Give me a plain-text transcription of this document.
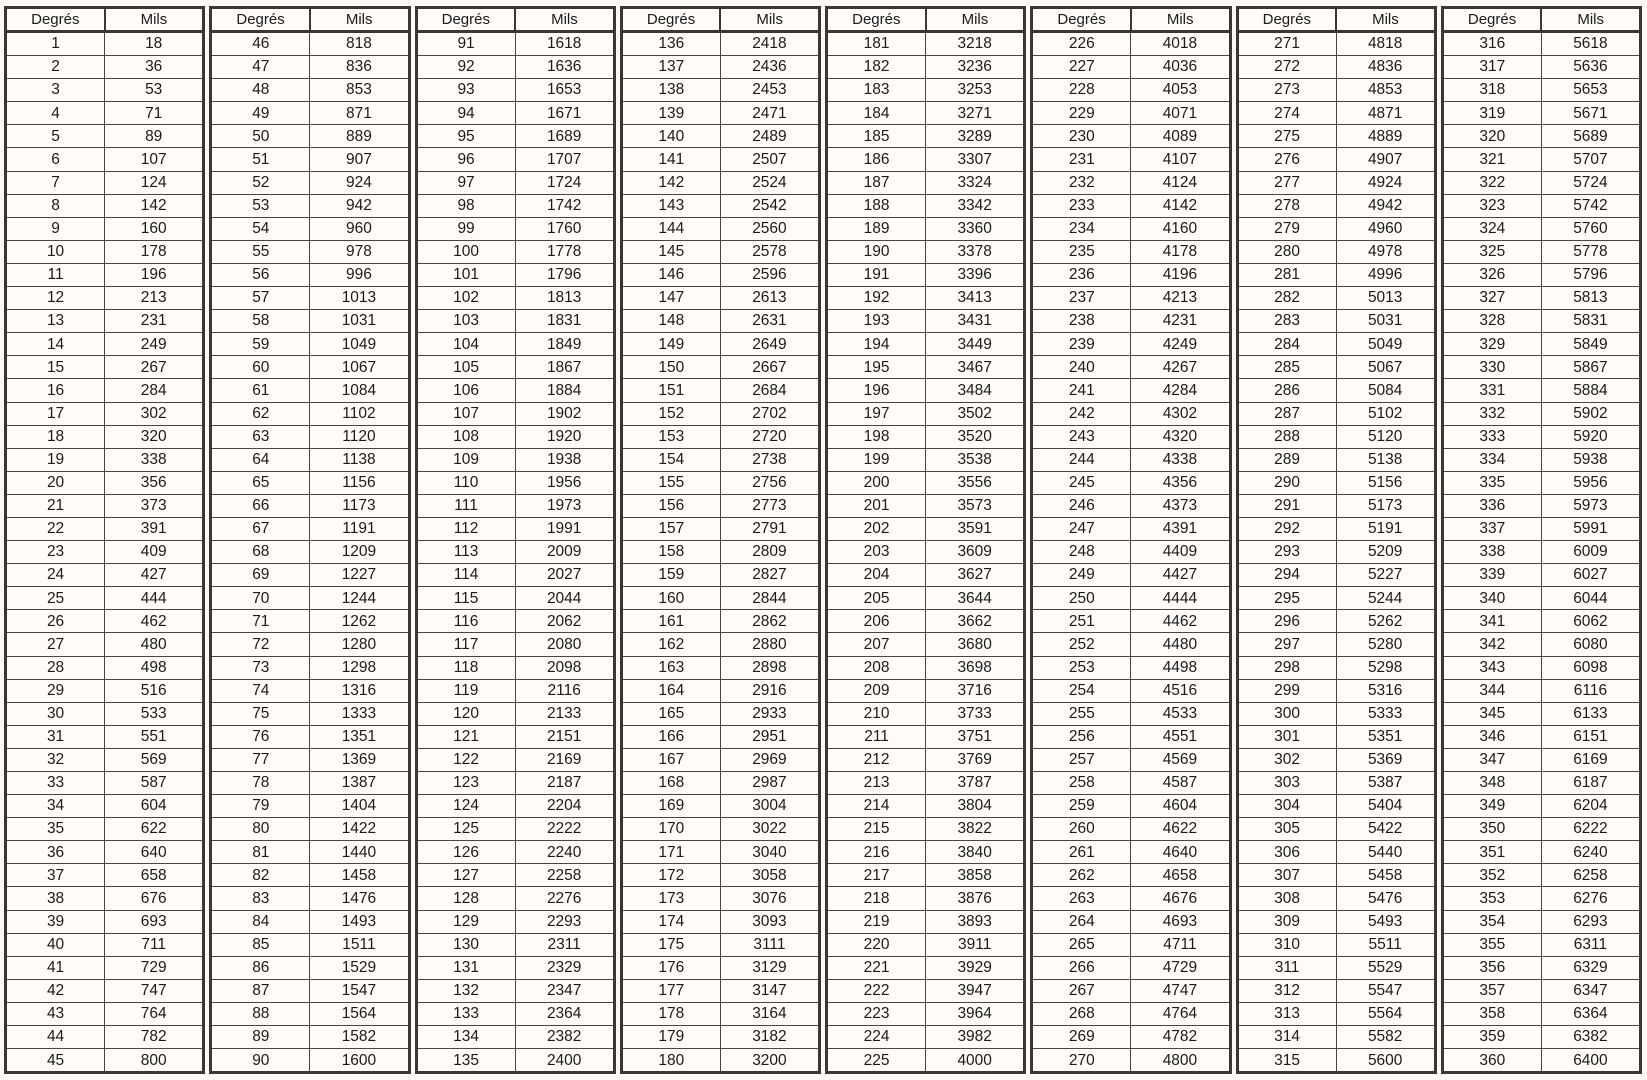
Degrés	Mils
1	18
2	36
3	53
4	71
5	89
6	107
7	124
8	142
9	160
10	178
11	196
12	213
13	231
14	249
15	267
16	284
17	302
18	320
19	338
20	356
21	373
22	391
23	409
24	427
25	444
26	462
27	480
28	498
29	516
30	533
31	551
32	569
33	587
34	604
35	622
36	640
37	658
38	676
39	693
40	711
41	729
42	747
43	764
44	782
45	800
Degrés	Mils
46	818
47	836
48	853
49	871
50	889
51	907
52	924
53	942
54	960
55	978
56	996
57	1013
58	1031
59	1049
60	1067
61	1084
62	1102
63	1120
64	1138
65	1156
66	1173
67	1191
68	1209
69	1227
70	1244
71	1262
72	1280
73	1298
74	1316
75	1333
76	1351
77	1369
78	1387
79	1404
80	1422
81	1440
82	1458
83	1476
84	1493
85	1511
86	1529
87	1547
88	1564
89	1582
90	1600
Degrés	Mils
91	1618
92	1636
93	1653
94	1671
95	1689
96	1707
97	1724
98	1742
99	1760
100	1778
101	1796
102	1813
103	1831
104	1849
105	1867
106	1884
107	1902
108	1920
109	1938
110	1956
111	1973
112	1991
113	2009
114	2027
115	2044
116	2062
117	2080
118	2098
119	2116
120	2133
121	2151
122	2169
123	2187
124	2204
125	2222
126	2240
127	2258
128	2276
129	2293
130	2311
131	2329
132	2347
133	2364
134	2382
135	2400
Degrés	Mils
136	2418
137	2436
138	2453
139	2471
140	2489
141	2507
142	2524
143	2542
144	2560
145	2578
146	2596
147	2613
148	2631
149	2649
150	2667
151	2684
152	2702
153	2720
154	2738
155	2756
156	2773
157	2791
158	2809
159	2827
160	2844
161	2862
162	2880
163	2898
164	2916
165	2933
166	2951
167	2969
168	2987
169	3004
170	3022
171	3040
172	3058
173	3076
174	3093
175	3111
176	3129
177	3147
178	3164
179	3182
180	3200
Degrés	Mils
181	3218
182	3236
183	3253
184	3271
185	3289
186	3307
187	3324
188	3342
189	3360
190	3378
191	3396
192	3413
193	3431
194	3449
195	3467
196	3484
197	3502
198	3520
199	3538
200	3556
201	3573
202	3591
203	3609
204	3627
205	3644
206	3662
207	3680
208	3698
209	3716
210	3733
211	3751
212	3769
213	3787
214	3804
215	3822
216	3840
217	3858
218	3876
219	3893
220	3911
221	3929
222	3947
223	3964
224	3982
225	4000
Degrés	Mils
226	4018
227	4036
228	4053
229	4071
230	4089
231	4107
232	4124
233	4142
234	4160
235	4178
236	4196
237	4213
238	4231
239	4249
240	4267
241	4284
242	4302
243	4320
244	4338
245	4356
246	4373
247	4391
248	4409
249	4427
250	4444
251	4462
252	4480
253	4498
254	4516
255	4533
256	4551
257	4569
258	4587
259	4604
260	4622
261	4640
262	4658
263	4676
264	4693
265	4711
266	4729
267	4747
268	4764
269	4782
270	4800
Degrés	Mils
271	4818
272	4836
273	4853
274	4871
275	4889
276	4907
277	4924
278	4942
279	4960
280	4978
281	4996
282	5013
283	5031
284	5049
285	5067
286	5084
287	5102
288	5120
289	5138
290	5156
291	5173
292	5191
293	5209
294	5227
295	5244
296	5262
297	5280
298	5298
299	5316
300	5333
301	5351
302	5369
303	5387
304	5404
305	5422
306	5440
307	5458
308	5476
309	5493
310	5511
311	5529
312	5547
313	5564
314	5582
315	5600
Degrés	Mils
316	5618
317	5636
318	5653
319	5671
320	5689
321	5707
322	5724
323	5742
324	5760
325	5778
326	5796
327	5813
328	5831
329	5849
330	5867
331	5884
332	5902
333	5920
334	5938
335	5956
336	5973
337	5991
338	6009
339	6027
340	6044
341	6062
342	6080
343	6098
344	6116
345	6133
346	6151
347	6169
348	6187
349	6204
350	6222
351	6240
352	6258
353	6276
354	6293
355	6311
356	6329
357	6347
358	6364
359	6382
360	6400
